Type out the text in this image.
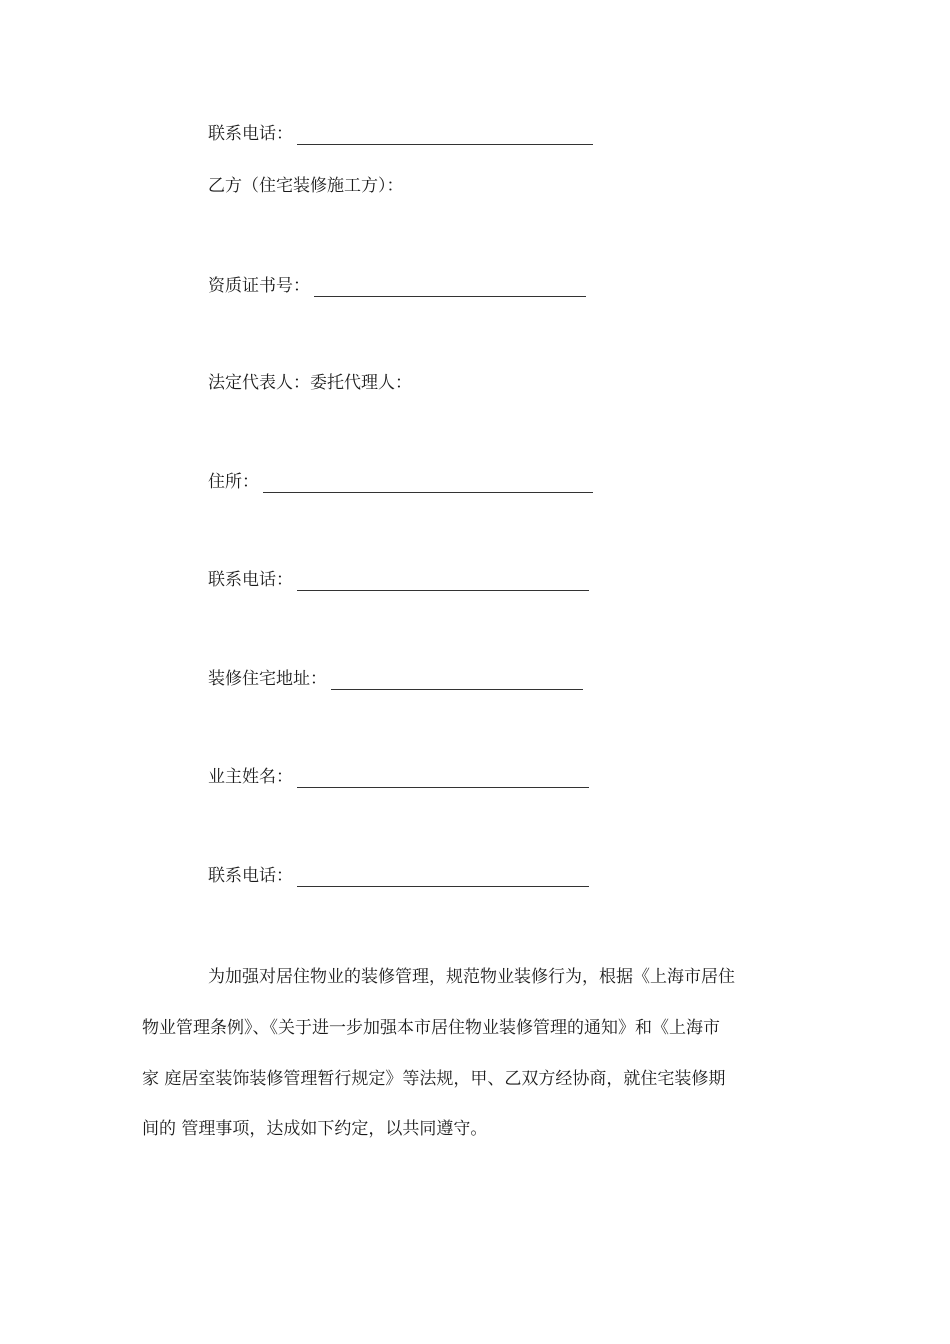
联系电话：
乙方（住宅装修施工方）：
资质证书号：
法定代表人：委托代理人：
住所：
联系电话：
装修住宅地址：
业主姓名：
联系电话：
为加强对居住物业的装修管理，规范物业装修行为，根据《上海市居住
物业管理条例》、《关于进一步加强本市居住物业装修管理的通知》和《上海市
家 庭居室装饰装修管理暂行规定》等法规，甲、乙双方经协商，就住宅装修期
间的 管理事项，达成如下约定，以共同遵守。
